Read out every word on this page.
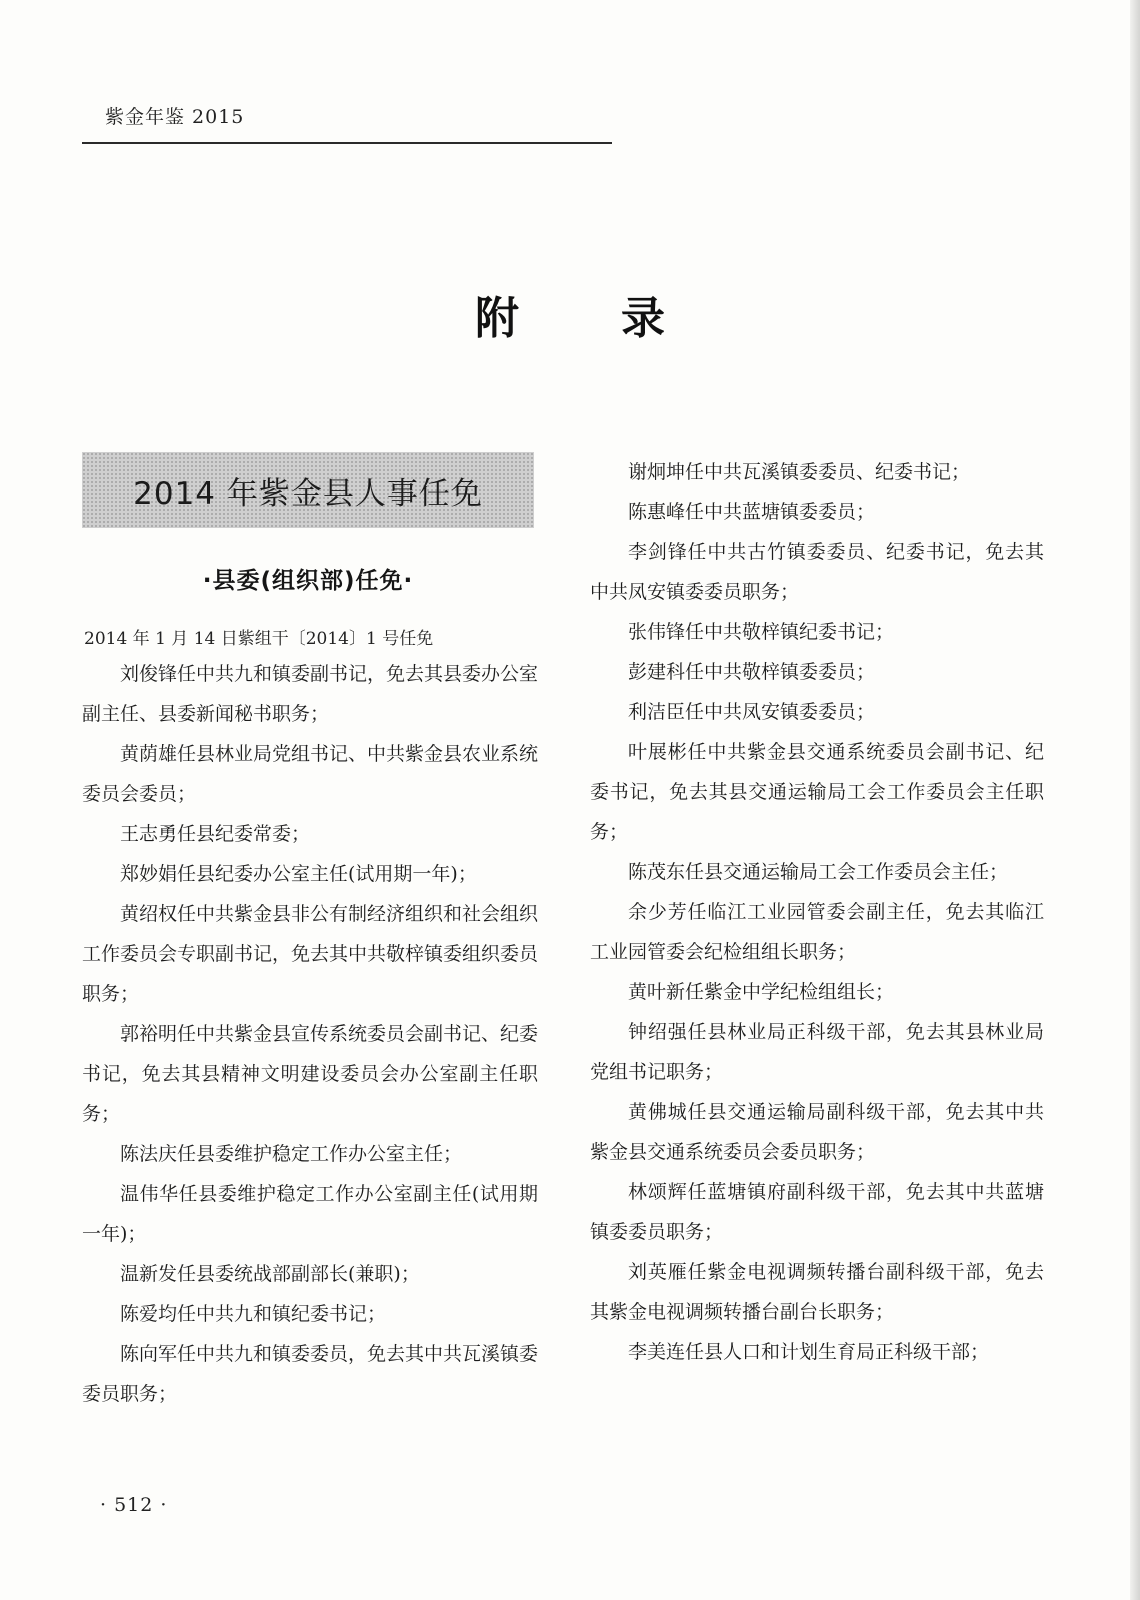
紫金年鉴 2015
附录
2014 年紫金县人事任免
·县委(组织部)任免·
2014 年 1 月 14 日紫组干〔2014〕1 号任免

刘俊锋任中共九和镇委副书记，免去其县委办公室副主任、县委新闻秘书职务；

黄荫雄任县林业局党组书记、中共紫金县农业系统委员会委员；

王志勇任县纪委常委；

郑妙娟任县纪委办公室主任(试用期一年)；

黄绍权任中共紫金县非公有制经济组织和社会组织工作委员会专职副书记，免去其中共敬梓镇委组织委员职务；

郭裕明任中共紫金县宣传系统委员会副书记、纪委书记，免去其县精神文明建设委员会办公室副主任职务；

陈法庆任县委维护稳定工作办公室主任；

温伟华任县委维护稳定工作办公室副主任(试用期一年)；

温新发任县委统战部副部长(兼职)；

陈爱均任中共九和镇纪委书记；

陈向军任中共九和镇委委员，免去其中共瓦溪镇委委员职务；

谢炯坤任中共瓦溪镇委委员、纪委书记；

陈惠峰任中共蓝塘镇委委员；

李剑锋任中共古竹镇委委员、纪委书记，免去其中共凤安镇委委员职务；

张伟锋任中共敬梓镇纪委书记；

彭建科任中共敬梓镇委委员；

利洁臣任中共凤安镇委委员；

叶展彬任中共紫金县交通系统委员会副书记、纪委书记，免去其县交通运输局工会工作委员会主任职务；

陈茂东任县交通运输局工会工作委员会主任；

余少芳任临江工业园管委会副主任，免去其临江工业园管委会纪检组组长职务；

黄叶新任紫金中学纪检组组长；

钟绍强任县林业局正科级干部，免去其县林业局党组书记职务；

黄佛城任县交通运输局副科级干部，免去其中共紫金县交通系统委员会委员职务；

林颂辉任蓝塘镇府副科级干部，免去其中共蓝塘镇委委员职务；

刘英雁任紫金电视调频转播台副科级干部，免去其紫金电视调频转播台副台长职务；

李美连任县人口和计划生育局正科级干部；

· 512 ·
